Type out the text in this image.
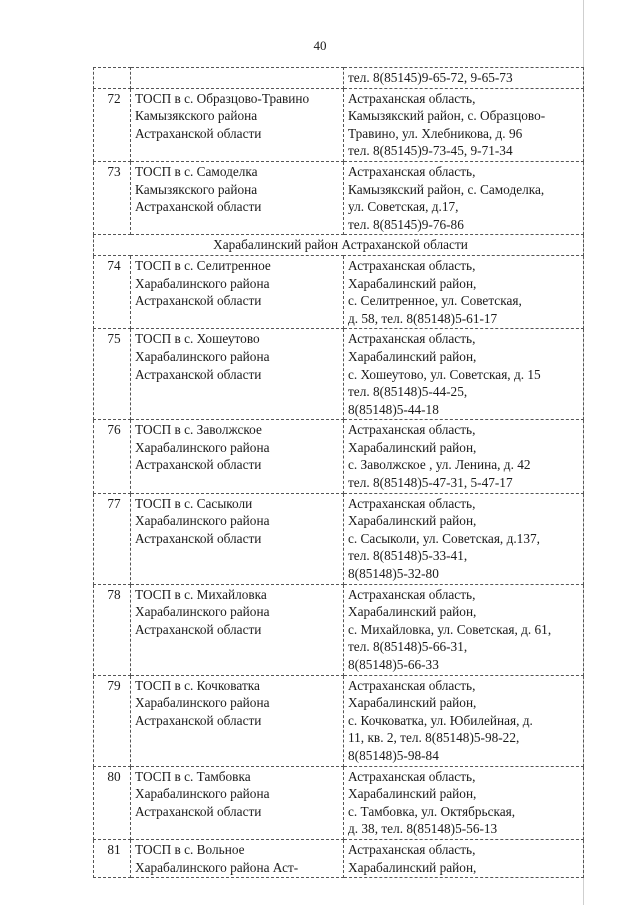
40

		тел. 8(85145)9-65-72, 9-65-73

72	ТОСП в с. Образцово-Травино
Камызякского района
Астраханской области	Астраханская область,
Камызякский район, с. Образцово-
Травино, ул. Хлебникова, д. 96
тел. 8(85145)9-73-45, 9-71-34

73	ТОСП в с. Самоделка
Камызякского района
Астраханской области	Астраханская область,
Камызякский район, с. Самоделка,
ул. Советская, д.17,
тел. 8(85145)9-76-86

Харабалинский район Астраханской области		
74	ТОСП в с. Селитренное
Харабалинского района
Астраханской области	Астраханская область,
Харабалинский район,
с. Селитренное, ул. Советская,
д. 58, тел. 8(85148)5-61-17

75	ТОСП в с. Хошеутово
Харабалинского района
Астраханской области	Астраханская область,
Харабалинский район,
с. Хошеутово, ул. Советская, д. 15
тел. 8(85148)5-44-25,
8(85148)5-44-18

76	ТОСП в с. Заволжское
Харабалинского района
Астраханской области	Астраханская область,
Харабалинский район,
с. Заволжское , ул. Ленина, д. 42
тел. 8(85148)5-47-31, 5-47-17

77	ТОСП в с. Сасыколи
Харабалинского района
Астраханской области	Астраханская область,
Харабалинский район,
с. Сасыколи, ул. Советская, д.137,
тел. 8(85148)5-33-41,
8(85148)5-32-80

78	ТОСП в с. Михайловка
Харабалинского района
Астраханской области	Астраханская область,
Харабалинский район,
с. Михайловка, ул. Советская, д. 61,
тел. 8(85148)5-66-31,
8(85148)5-66-33

79	ТОСП в с. Кочковатка
Харабалинского района
Астраханской области	Астраханская область,
Харабалинский район,
с. Кочковатка, ул. Юбилейная, д.
11, кв. 2, тел. 8(85148)5-98-22,
8(85148)5-98-84

80	ТОСП в с. Тамбовка
Харабалинского района
Астраханской области	Астраханская область,
Харабалинский район,
с. Тамбовка, ул. Октябрьская,
д. 38, тел. 8(85148)5-56-13

81	ТОСП в с. Вольное
Харабалинского района Аст-	Астраханская область,
Харабалинский район,
